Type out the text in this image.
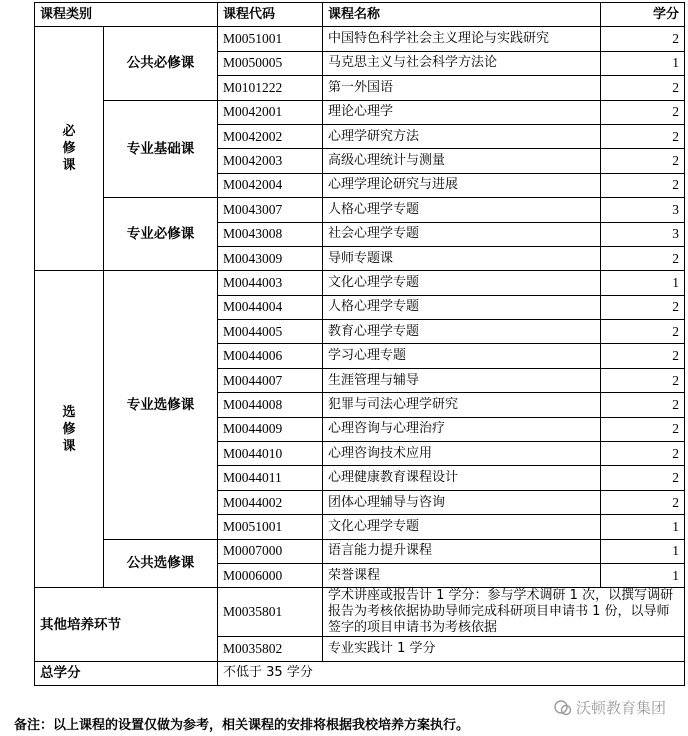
课程类别		课程代码	课程名称	学分
必修课	公共必修课	M0051001	中国特色科学社会主义理论与实践研究	2
		M0050005	马克思主义与社会科学方法论	1
		M0101222	第一外国语	2
	专业基础课	M0042001	理论心理学	2
		M0042002	心理学研究方法	2
		M0042003	高级心理统计与测量	2
		M0042004	心理学理论研究与进展	2
	专业必修课	M0043007	人格心理学专题	3
		M0043008	社会心理学专题	3
		M0043009	导师专题课	2
选修课	专业选修课	M0044003	文化心理学专题	1
		M0044004	人格心理学专题	2
		M0044005	教育心理学专题	2
		M0044006	学习心理专题	2
		M0044007	生涯管理与辅导	2
		M0044008	犯罪与司法心理学研究	2
		M0044009	心理咨询与心理治疗	2
		M0044010	心理咨询技术应用	2
		M0044011	心理健康教育课程设计	2
		M0044002	团体心理辅导与咨询	2
		M0051001	文化心理学专题	1
	公共选修课	M0007000	语言能力提升课程	1
		M0006000	荣誉课程	1
其他培养环节		M0035801	学术讲座或报告计 1 学分：参与学术调研 1 次，以撰写调研报告为考核依据协助导师完成科研项目申请书 1 份，以导师签字的项目申请书为考核依据	
		M0035802	专业实践计 1 学分	
总学分		不低于 35 学分		
备注：以上课程的设置仅做为参考，相关课程的安排将根据我校培养方案执行。
沃顿教育集团
